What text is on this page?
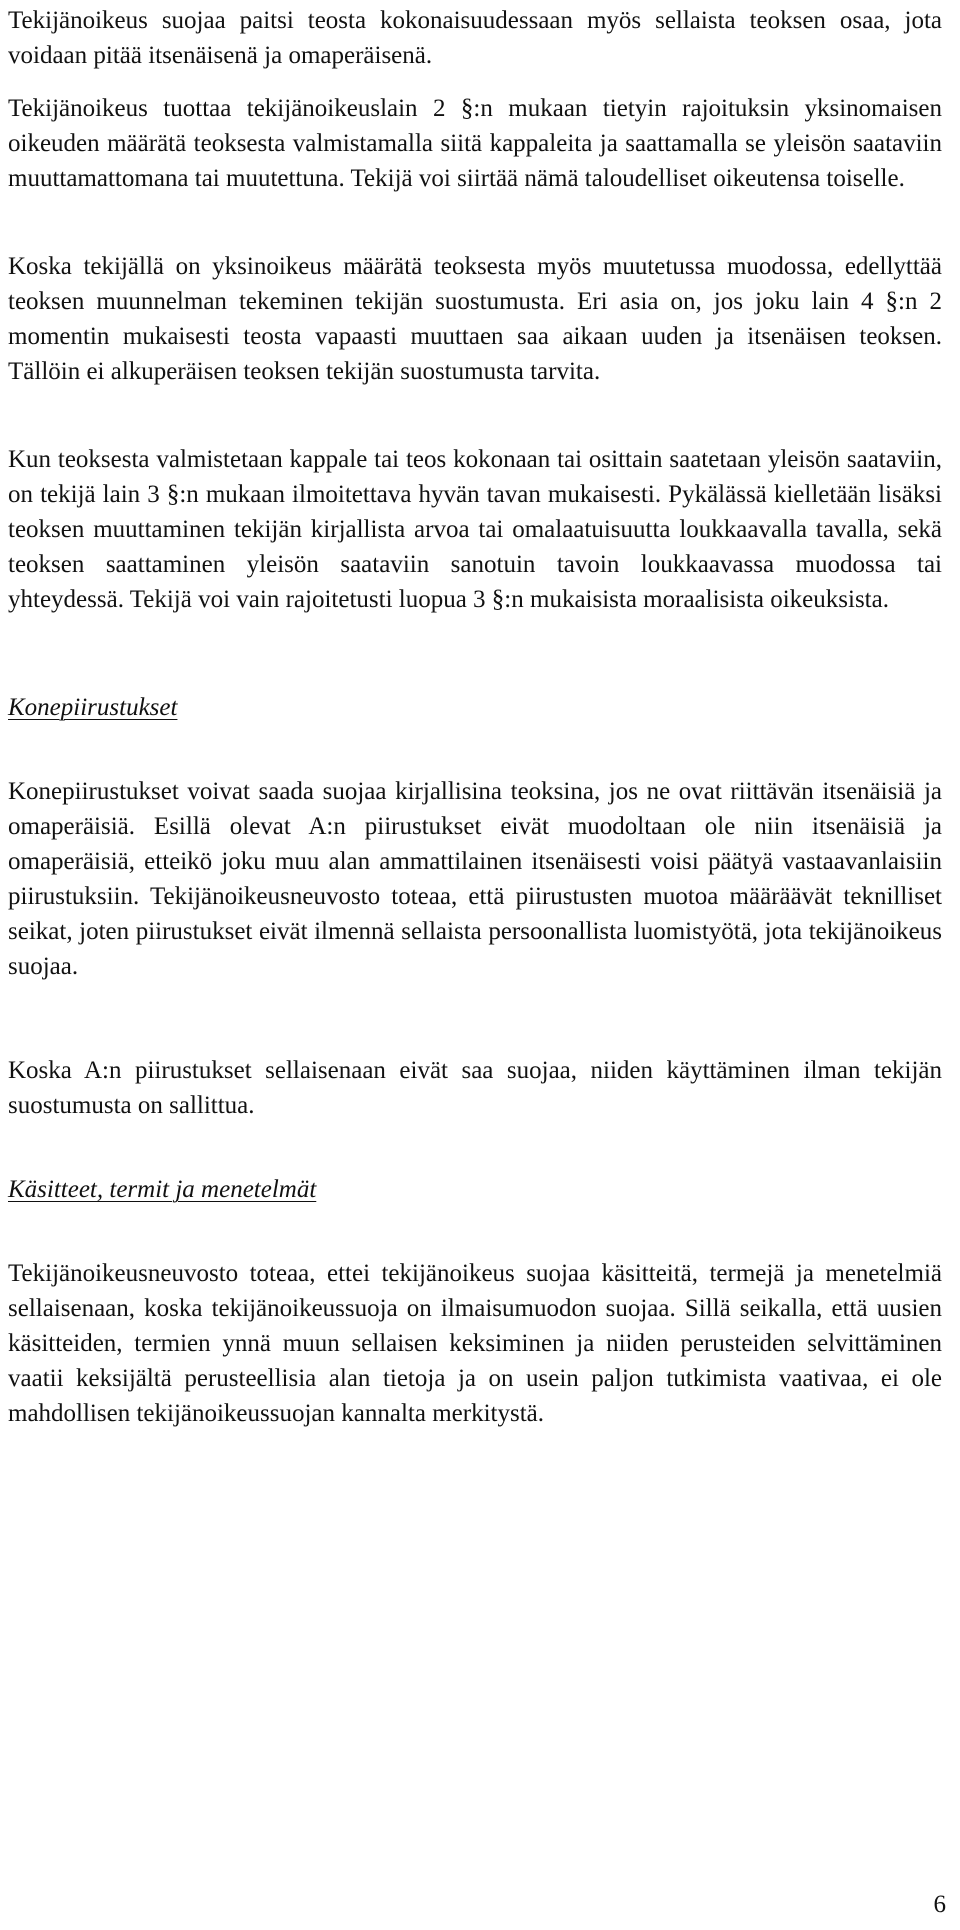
Tekijänoikeus suojaa paitsi teosta kokonaisuudessaan myös sellaista teoksen osaa, jota voidaan pitää itsenäisenä ja omaperäisenä.

Tekijänoikeus tuottaa tekijänoikeuslain 2 §:n mukaan tietyin rajoituksin yksinomaisen oikeuden määrätä teoksesta valmistamalla siitä kappaleita ja saattamalla se yleisön saataviin muuttamattomana tai muutettuna. Tekijä voi siirtää nämä taloudelliset oikeutensa toiselle.

Koska tekijällä on yksinoikeus määrätä teoksesta myös muutetussa muodossa, edellyttää teoksen muunnelman tekeminen tekijän suostumusta. Eri asia on, jos joku lain 4 §:n 2 momentin mukaisesti teosta vapaasti muuttaen saa aikaan uuden ja itsenäisen teoksen. Tällöin ei alkuperäisen teoksen tekijän suostumusta tarvita.

Kun teoksesta valmistetaan kappale tai teos kokonaan tai osittain saatetaan yleisön saataviin, on tekijä lain 3 §:n mukaan ilmoitettava hyvän tavan mukaisesti. Pykälässä kielletään lisäksi teoksen muuttaminen tekijän kirjallista arvoa tai omalaatuisuutta loukkaavalla tavalla, sekä teoksen saattaminen yleisön saataviin sanotuin tavoin loukkaavassa muodossa tai yhteydessä. Tekijä voi vain rajoitetusti luopua 3 §:n mukaisista moraalisista oikeuksista.

Konepiirustukset

Konepiirustukset voivat saada suojaa kirjallisina teoksina, jos ne ovat riittävän itsenäisiä ja omaperäisiä. Esillä olevat A:n piirustukset eivät muodoltaan ole niin itsenäisiä ja omaperäisiä, etteikö joku muu alan ammattilainen itsenäisesti voisi päätyä vastaavanlaisiin piirustuksiin. Tekijänoikeusneuvosto toteaa, että piirustusten muotoa määräävät teknilliset seikat, joten piirustukset eivät ilmennä sellaista persoonallista luomistyötä, jota tekijänoikeus suojaa.

Koska A:n piirustukset sellaisenaan eivät saa suojaa, niiden käyttäminen ilman tekijän suostumusta on sallittua.

Käsitteet, termit ja menetelmät

Tekijänoikeusneuvosto toteaa, ettei tekijänoikeus suojaa käsitteitä, termejä ja menetelmiä sellaisenaan, koska tekijänoikeussuoja on ilmaisumuodon suojaa. Sillä seikalla, että uusien käsitteiden, termien ynnä muun sellaisen keksiminen ja niiden perusteiden selvittäminen vaatii keksijältä perusteellisia alan tietoja ja on usein paljon tutkimista vaativaa, ei ole mahdollisen tekijänoikeussuojan kannalta merkitystä.

6
